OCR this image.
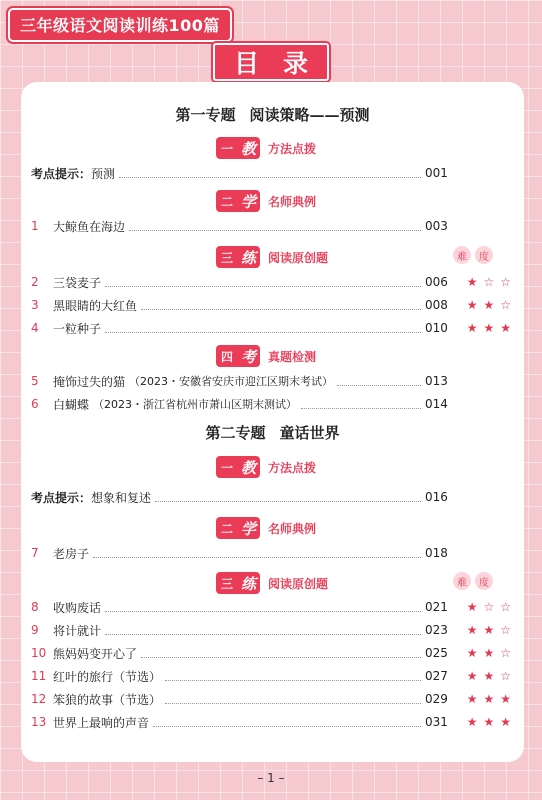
三年级语文阅读训练100篇
目 录
第一专题 阅读策略——预测
一 教 方法点拨
考点提示：预测	001
二 学 名师典例
1	大鲸鱼在海边	003
三 练 阅读原创题	难	度
2	三袋麦子	006 ★ ☆ ☆
3	黑眼睛的大红鱼	008 ★ ★ ☆
4	一粒种子	010 ★ ★ ★
四 考 真题检测
5	掩饰过失的猫 （2023・安徽省安庆市迎江区期末考试）	013
6	白蝴蝶 （2023・浙江省杭州市萧山区期末测试）	014
第二专题 童话世界
一 教 方法点拨
考点提示：想象和复述	016
二 学 名师典例
7	老房子	018
三 练 阅读原创题	难	度
8	收购废话	021 ★ ☆ ☆
9	将计就计	023 ★ ★ ☆
10 熊妈妈变开心了	025 ★ ★ ☆
11 红叶的旅行（节选）	027 ★ ★ ☆
12 笨狼的故事（节选）	029 ★ ★ ★
13 世界上最响的声音	031 ★ ★ ★
– 1 –
